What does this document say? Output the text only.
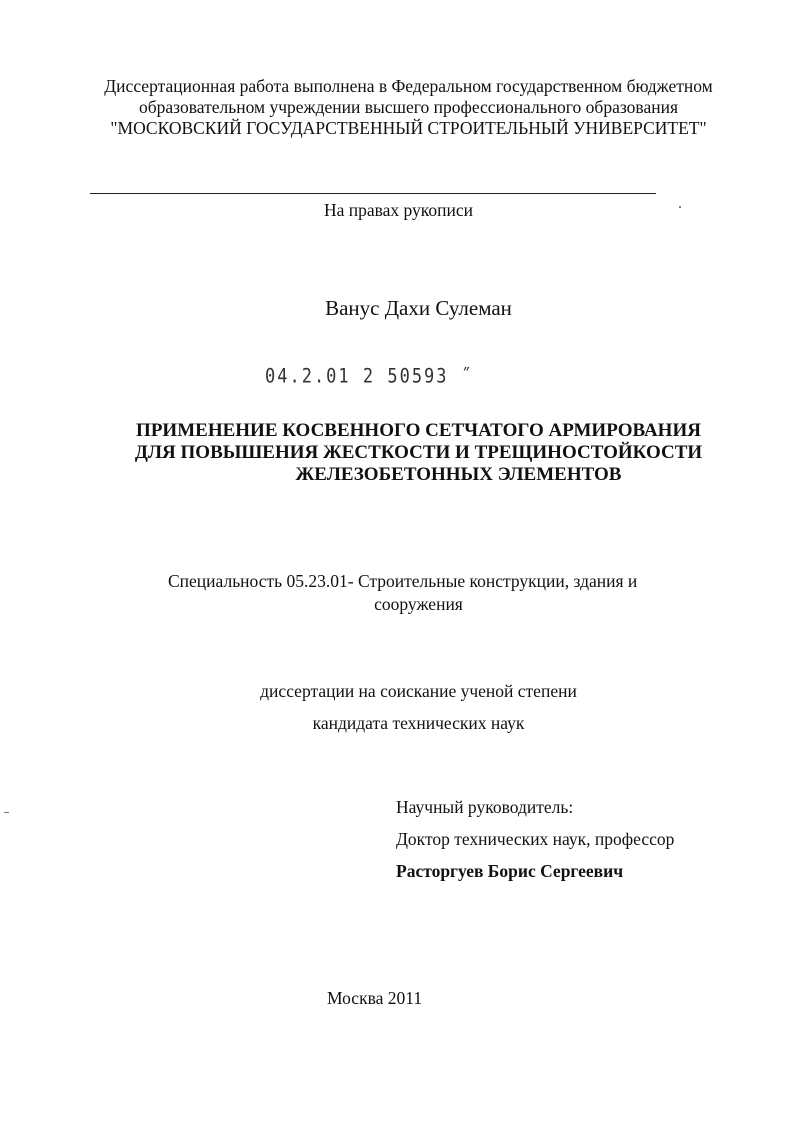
Диссертационная работа выполнена в Федеральном государственном бюджетном
образовательном учреждении высшего профессионального образования
"МОСКОВСКИЙ ГОСУДАРСТВЕННЫЙ СТРОИТЕЛЬНЫЙ УНИВЕРСИТЕТ"
На правах рукописи
Ванус Дахи Сулеман
04.2.01 2 50593 ˝
ПРИМЕНЕНИЕ КОСВЕННОГО СЕТЧАТОГО АРМИРОВАНИЯ
ДЛЯ ПОВЫШЕНИЯ ЖЕСТКОСТИ И ТРЕЩИНОСТОЙКОСТИ
ЖЕЛЕЗОБЕТОННЫХ ЭЛЕМЕНТОВ
Специальность 05.23.01- Строительные конструкции, здания и
сооружения
диссертации на соискание ученой степени
кандидата технических наук
Научный руководитель:
Доктор технических наук, профессор
Расторгуев Борис Сергеевич
Москва 2011
